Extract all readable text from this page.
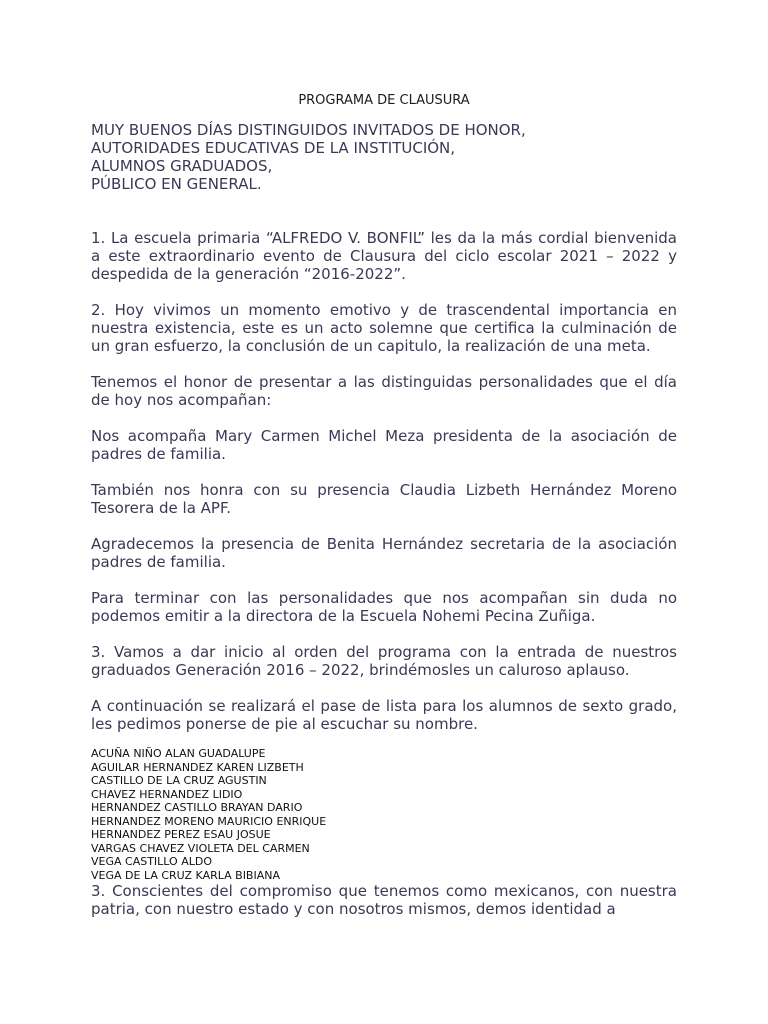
PROGRAMA DE CLAUSURA
MUY BUENOS DÍAS DISTINGUIDOS INVITADOS DE HONOR,
AUTORIDADES EDUCATIVAS DE LA INSTITUCIÓN,
ALUMNOS GRADUADOS,
PÚBLICO EN GENERAL.

1. La escuela primaria “ALFREDO V. BONFIL” les da la más cordial bienvenida a este extraordinario evento de Clausura del ciclo escolar 2021 – 2022 y despedida de la generación “2016-2022”.

2. Hoy vivimos un momento emotivo y de trascendental importancia en nuestra existencia, este es un acto solemne que certifica la culminación de un gran esfuerzo, la conclusión de un capitulo, la realización de una meta.

Tenemos el honor de presentar a las distinguidas personalidades que el día de hoy nos acompañan:

Nos acompaña Mary Carmen Michel Meza presidenta de la asociación de padres de familia.

También nos honra con su presencia Claudia Lizbeth Hernández Moreno Tesorera de la APF.

Agradecemos la presencia de Benita Hernández secretaria de la asociación padres de familia.

Para terminar con las personalidades que nos acompañan sin duda no podemos emitir a la directora de la Escuela Nohemi Pecina Zuñiga.

3. Vamos a dar inicio al orden del programa con la entrada de nuestros graduados Generación 2016 – 2022, brindémosles un caluroso aplauso.

A continuación se realizará el pase de lista para los alumnos de sexto grado, les pedimos ponerse de pie al escuchar su nombre.

ACUÑA NIÑO ALAN GUADALUPE
AGUILAR HERNANDEZ KAREN LIZBETH
CASTILLO DE LA CRUZ AGUSTIN
CHAVEZ HERNANDEZ LIDIO
HERNANDEZ CASTILLO BRAYAN DARIO
HERNANDEZ MORENO MAURICIO ENRIQUE
HERNANDEZ PEREZ ESAU JOSUE
VARGAS CHAVEZ VIOLETA DEL CARMEN
VEGA CASTILLO ALDO
VEGA DE LA CRUZ KARLA BIBIANA

3. Conscientes del compromiso que tenemos como mexicanos, con nuestra patria, con nuestro estado y con nosotros mismos, demos identidad a
